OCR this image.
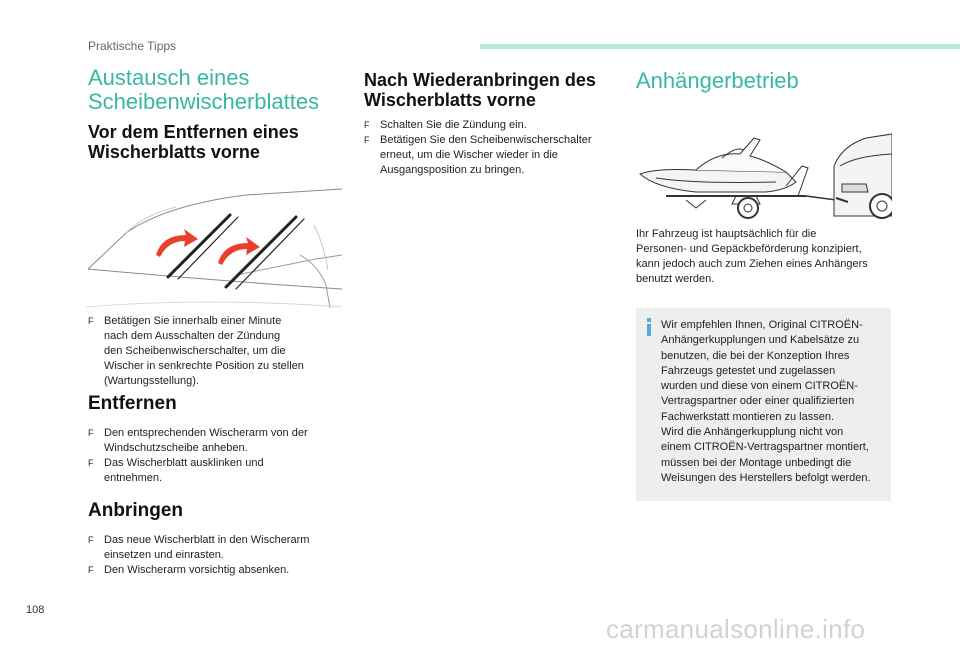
Praktische Tipps
Austausch eines
Scheibenwischerblattes
Vor dem Entfernen eines
Wischerblatts vorne
F Betätigen Sie innerhalb einer Minute
nach dem Ausschalten der Zündung
den Scheibenwischerschalter, um die
Wischer in senkrechte Position zu stellen
(Wartungsstellung).
Entfernen
F Den entsprechenden Wischerarm von der
Windschutzscheibe anheben.
F Das Wischerblatt ausklinken und
entnehmen.
Anbringen
F Das neue Wischerblatt in den Wischerarm
einsetzen und einrasten.
F Den Wischerarm vorsichtig absenken.
Nach Wiederanbringen des
Wischerblatts vorne
F Schalten Sie die Zündung ein.
F Betätigen Sie den Scheibenwischerschalter
erneut, um die Wischer wieder in die
Ausgangsposition zu bringen.
Anhängerbetrieb
Ihr Fahrzeug ist hauptsächlich für die
Personen- und Gepäckbeförderung konzipiert,
kann jedoch auch zum Ziehen eines Anhängers
benutzt werden.
Wir empfehlen Ihnen, Original CITROËN-
Anhängerkupplungen und Kabelsätze zu
benutzen, die bei der Konzeption Ihres
Fahrzeugs getestet und zugelassen
wurden und diese von einem CITROËN-
Vertragspartner oder einer qualifizierten
Fachwerkstatt montieren zu lassen.
Wird die Anhängerkupplung nicht von
einem CITROËN-Vertragspartner montiert,
müssen bei der Montage unbedingt die
Weisungen des Herstellers befolgt werden.
108
carmanualsonline.info
